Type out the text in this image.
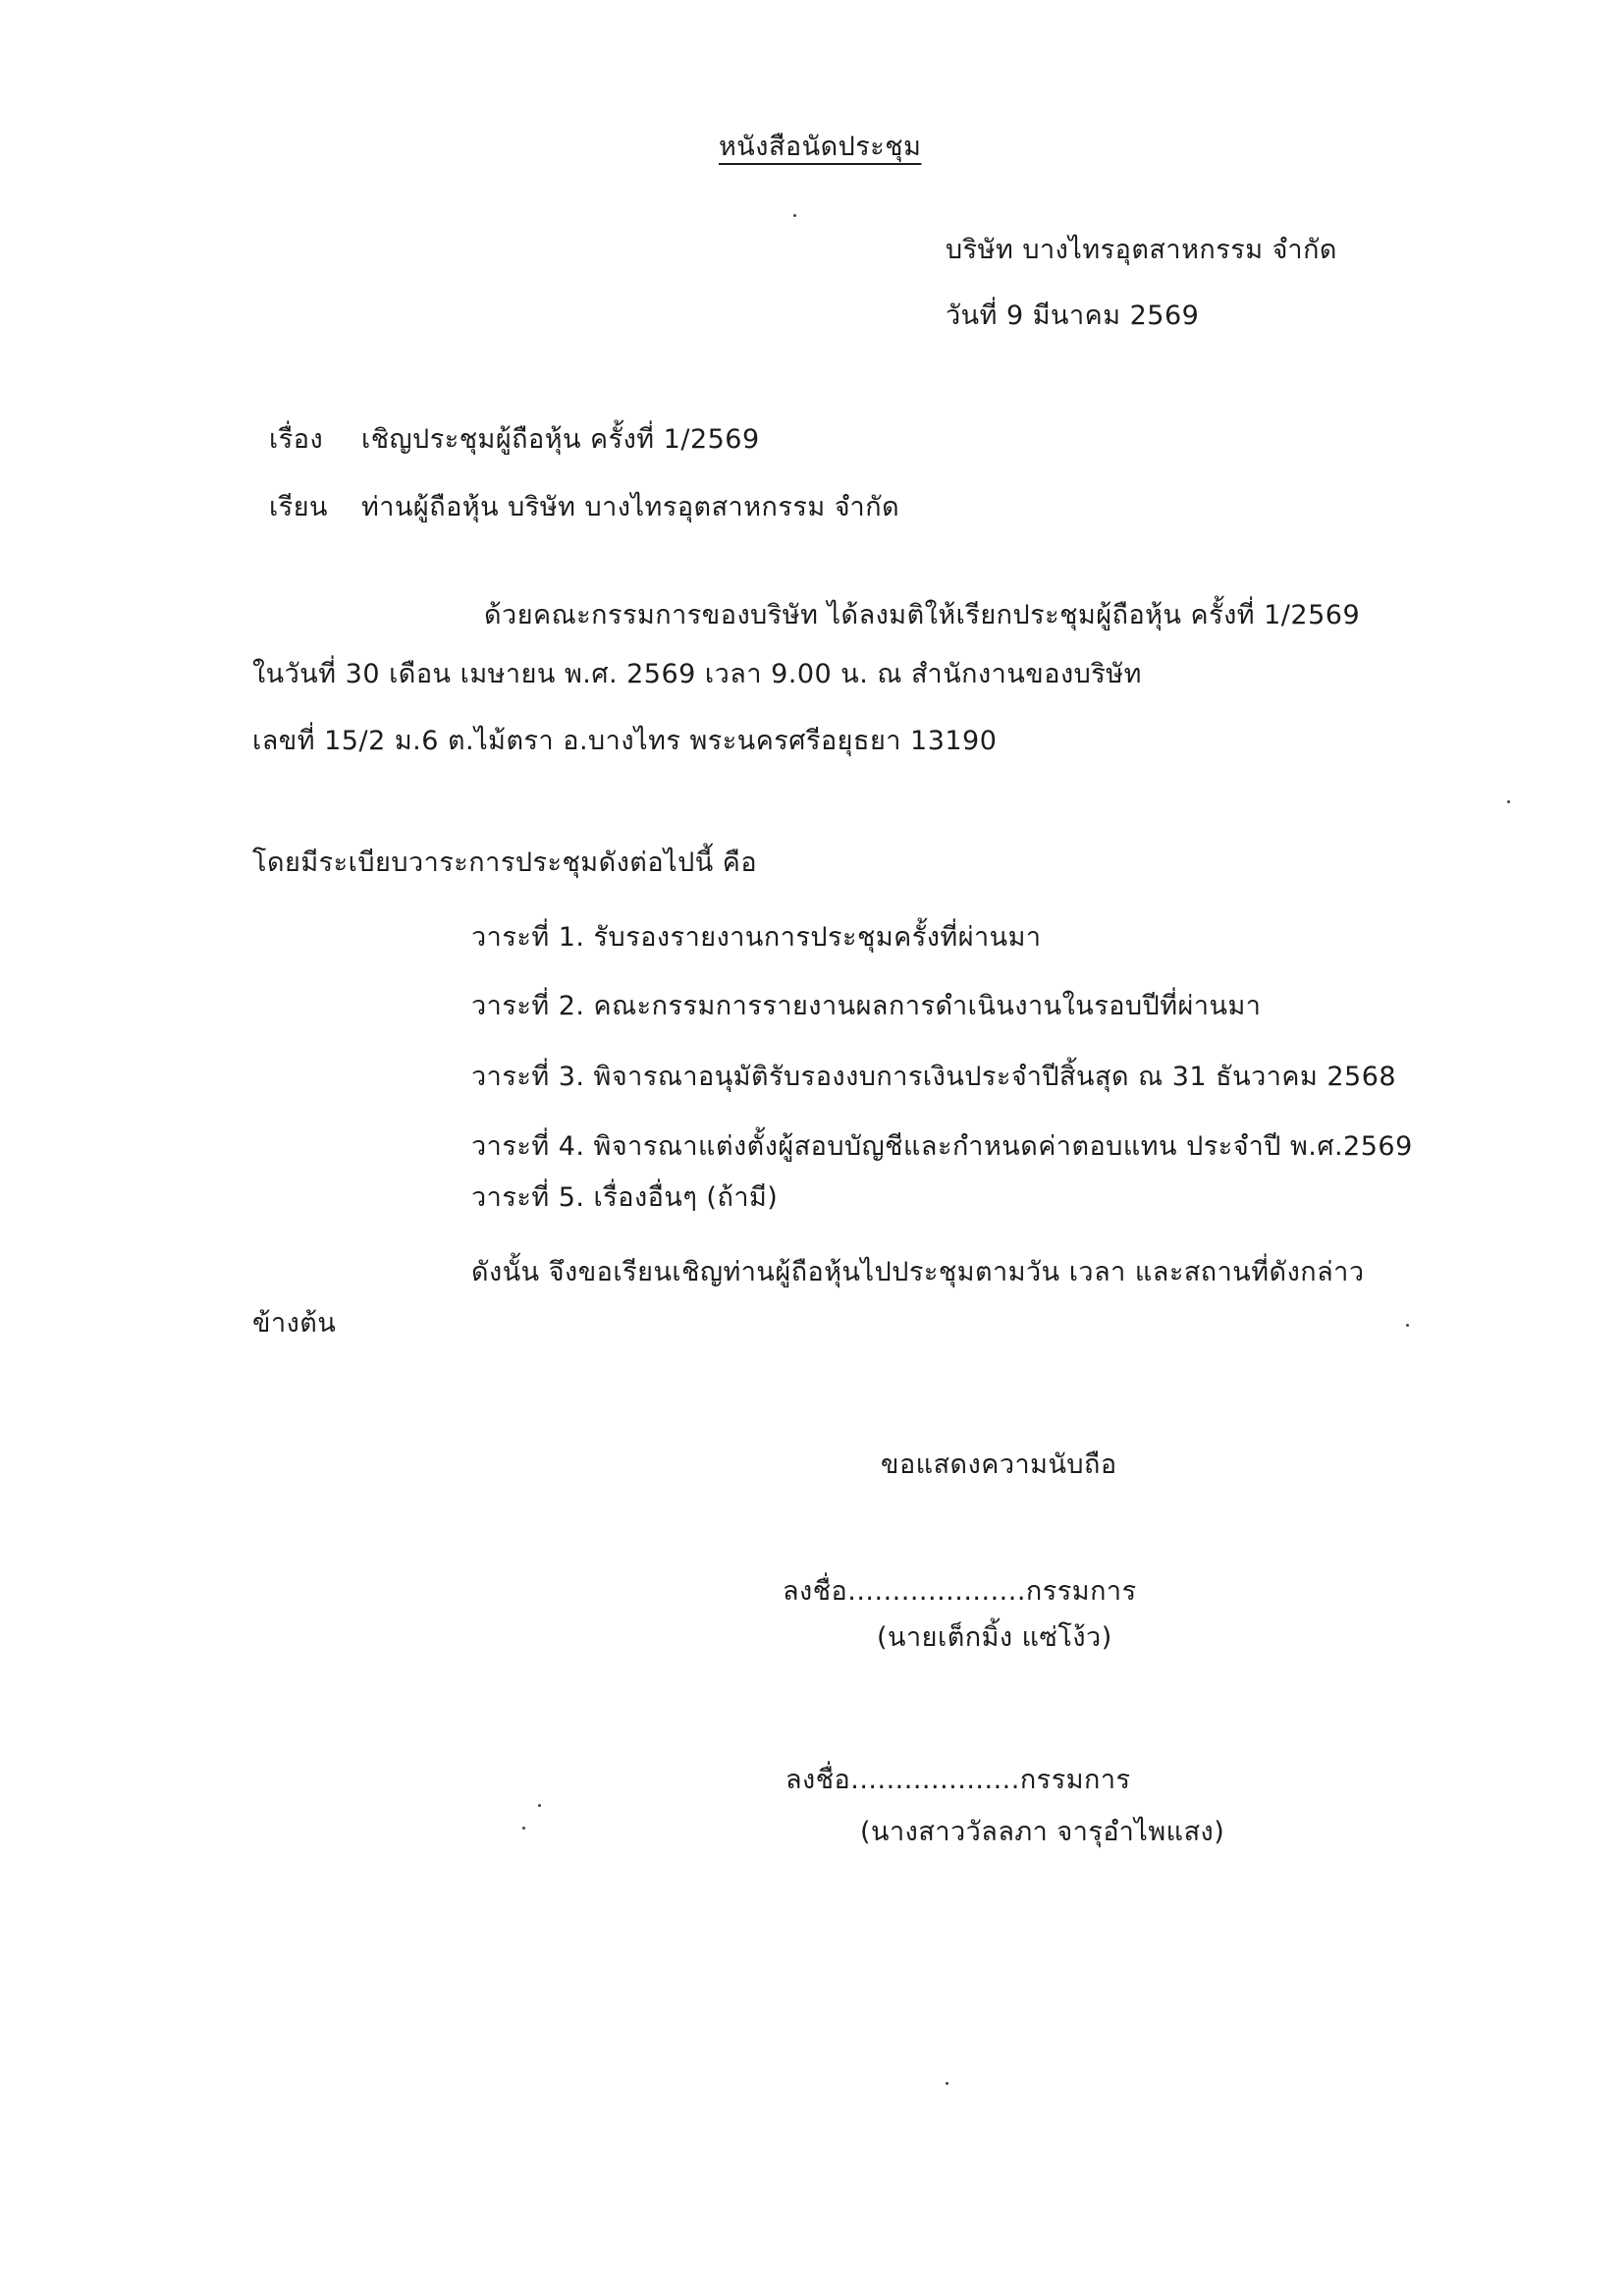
หนังสือนัดประชุม
บริษัท บางไทรอุตสาหกรรม จำกัด
วันที่ 9 มีนาคม 2569
เรื่อง เชิญประชุมผู้ถือหุ้น ครั้งที่ 1/2569
เรียน ท่านผู้ถือหุ้น บริษัท บางไทรอุตสาหกรรม จำกัด
ด้วยคณะกรรมการของบริษัท ได้ลงมติให้เรียกประชุมผู้ถือหุ้น ครั้งที่ 1/2569
ในวันที่ 30 เดือน เมษายน พ.ศ. 2569 เวลา 9.00 น. ณ สำนักงานของบริษัท
เลขที่ 15/2 ม.6 ต.ไม้ตรา อ.บางไทร พระนครศรีอยุธยา 13190
โดยมีระเบียบวาระการประชุมดังต่อไปนี้ คือ
วาระที่ 1. รับรองรายงานการประชุมครั้งที่ผ่านมา
วาระที่ 2. คณะกรรมการรายงานผลการดำเนินงานในรอบปีที่ผ่านมา
วาระที่ 3. พิจารณาอนุมัติรับรองงบการเงินประจำปีสิ้นสุด ณ 31 ธันวาคม 2568
วาระที่ 4. พิจารณาแต่งตั้งผู้สอบบัญชีและกำหนดค่าตอบแทน ประจำปี พ.ศ.2569
วาระที่ 5. เรื่องอื่นๆ (ถ้ามี)
ดังนั้น จึงขอเรียนเชิญท่านผู้ถือหุ้นไปประชุมตามวัน เวลา และสถานที่ดังกล่าว
ข้างต้น
ขอแสดงความนับถือ
ลงชื่อ....................กรรมการ
(นายเต็กมิ้ง แซ่โง้ว)
ลงชื่อ...................กรรมการ
(นางสาววัลลภา จารุอำไพแสง)
